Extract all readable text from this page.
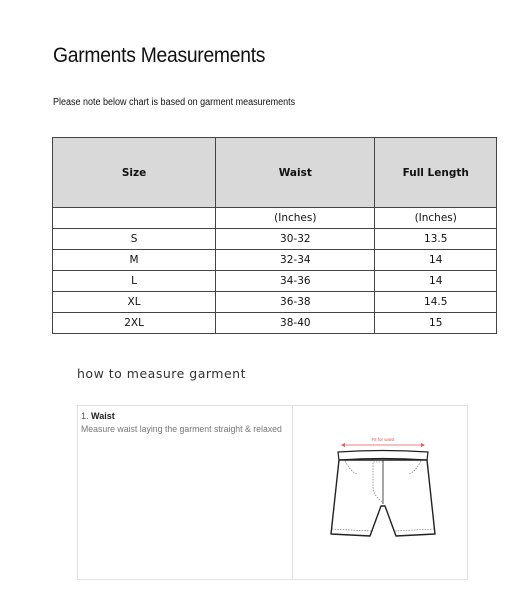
Garments Measurements
Please note below chart is based on garment measurements
Size	Waist	Full Length
	(Inches)	(Inches)
S	30-32	13.5
M	32-34	14
L	34-36	14
XL	36-38	14.5
2XL	38-40	15
how to measure garment
1. Waist
Measure waist laying the garment straight & relaxed
Fit for waist
